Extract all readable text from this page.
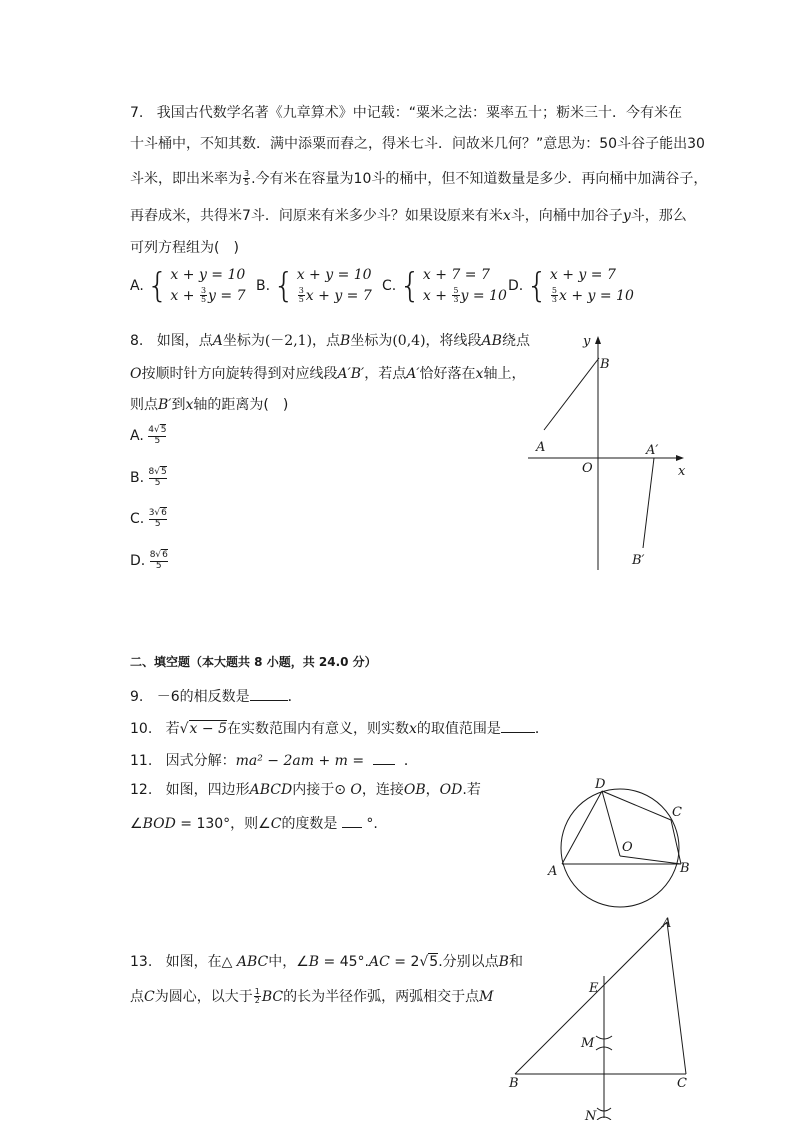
7. 我国古代数学名著《九章算术》中记载：“粟米之法：粟率五十；粝米三十．今有米在
十斗桶中，不知其数．满中添粟而舂之，得米七斗．问故米几何？”意思为：50斗谷子能出30
斗米，即出米率为 $\frac{3}{5}$ .今有米在容量为10斗的桶中，但不知道数量是多少．再向桶中加满谷子，
再舂成米，共得米7斗．问原来有米多少斗？如果设原来有米x斗，向桶中加谷子y斗，那么
可列方程组为(　)
A. { x + y = 10
$x + \frac{3}{5}$ y = 7
B. { x + y = 10
$\frac{3}{5}$ x + y = 7
C. { x + 7 = 7
$x + \frac{5}{3}$ y = 10
D. { x + y = 7
$\frac{5}{3}$ x + y = 10
8. 如图，点A坐标为(－2,1)，点B坐标为(0,4)，将线段AB绕点
O按顺时针方向旋转得到对应线段A′B′，若点A′恰好落在x轴上，
则点B′到x轴的距离为(　)
A.
4√5
5
B.
8√5
5
C.
3√6
5
D.
8√6
5
y
B
A
O
A′
x
B′
二、填空题（本大题共 8 小题，共 24.0 分）
9. －6的相反数是	．
10. 若√x − 5在实数范围内有意义，则实数x的取值范围是 ．
11. 因式分解：ma² − 2am + m =	．
12. 如图，四边形ABCD内接于⊙ O，连接OB，OD.若
∠BOD = 130°，则∠C的度数是 °.
D
C
O
A	B
13. 如图，在△ ABC中，∠B = 45°.AC = 2√5.分别以点B和
点C为圆心，以大于 $\frac{1}{2}$ BC的长为半径作弧，两弧相交于点M
A
E
M
B	C
N
